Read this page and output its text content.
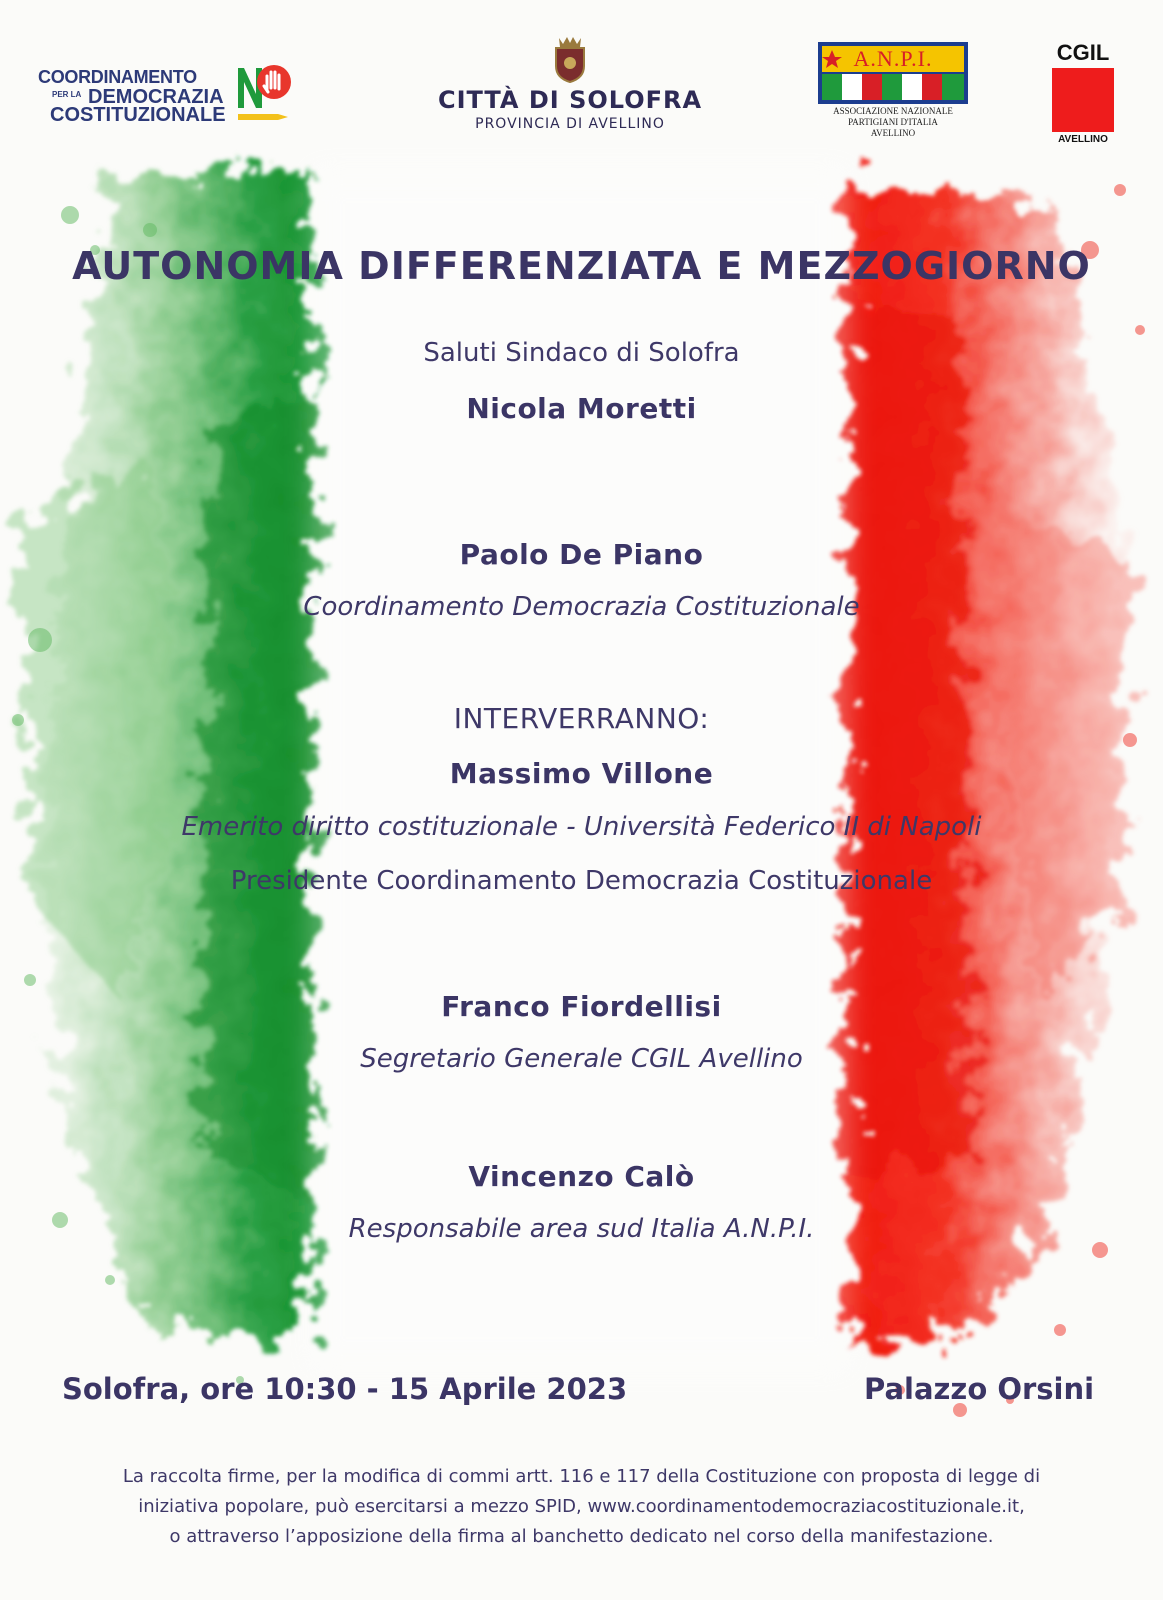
COORDINAMENTO
PER LA DEMOCRAZIA
COSTITUZIONALE
CITTÀ DI SOLOFRA
PROVINCIA DI AVELLINO
A.N.P.I.
ASSOCIAZIONE NAZIONALE
PARTIGIANI D'ITALIA
AVELLINO
CGIL
AVELLINO
AUTONOMIA DIFFERENZIATA E MEZZOGIORNO
Saluti Sindaco di Solofra
Nicola Moretti
Paolo De Piano
Coordinamento Democrazia Costituzionale
INTERVERRANNO:
Massimo Villone
Emerito diritto costituzionale - Università Federico II di Napoli
Presidente Coordinamento Democrazia Costituzionale
Franco Fiordellisi
Segretario Generale CGIL Avellino
Vincenzo Calò
Responsabile area sud Italia A.N.P.I.
Solofra, ore 10:30 - 15 Aprile 2023	Palazzo Orsini
La raccolta firme, per la modifica di commi artt. 116 e 117 della Costituzione con proposta di legge di
iniziativa popolare, può esercitarsi a mezzo SPID, www.coordinamentodemocraziacostituzionale.it,
o attraverso l’apposizione della firma al banchetto dedicato nel corso della manifestazione.
